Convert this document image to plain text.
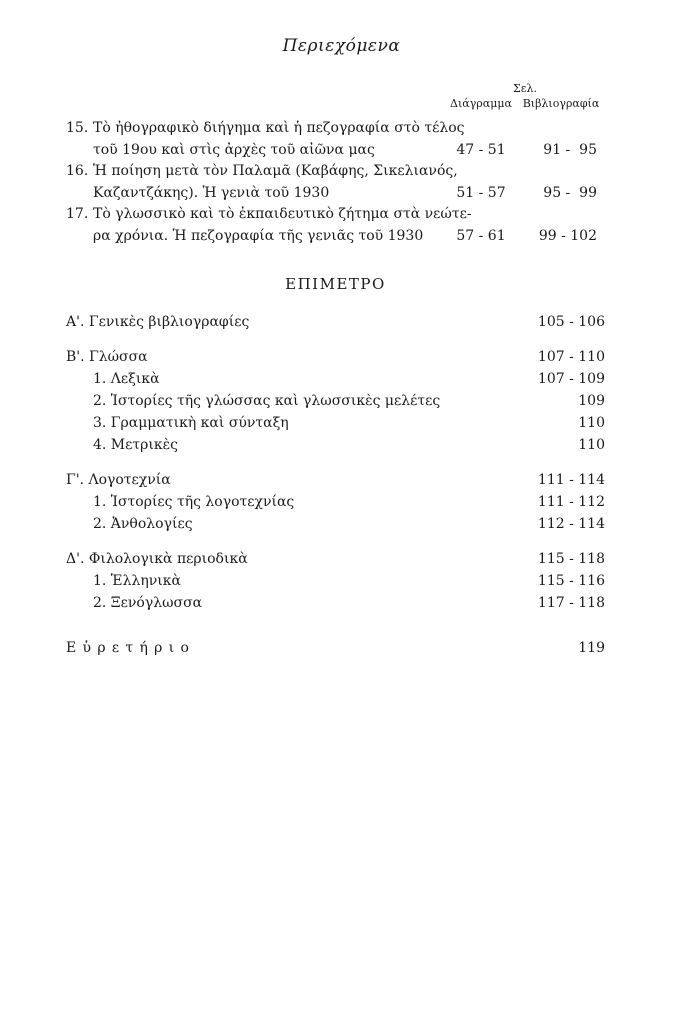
Περιεχόμενα
Σελ.
Διάγραμμα Βιβλιογραφία
15. Τὸ ἠθογραφικὸ διήγημα καὶ ἡ πεζογραφία στὸ τέλος
τοῦ 19ου καὶ στὶς ἀρχὲς τοῦ αἰῶνα μας	47 - 51	91 -  95
16. Ἡ ποίηση μετὰ τὸν Παλαμᾶ (Καβάφης, Σικελιανός,
Καζαντζάκης). Ἡ γενιὰ τοῦ 1930	51 - 57	95 -  99
17. Τὸ γλωσσικὸ καὶ τὸ ἐκπαιδευτικὸ ζήτημα στὰ νεώτε-
ρα χρόνια. Ἡ πεζογραφία τῆς γενιᾶς τοῦ 1930	57 - 61	99 - 102
ΕΠΙΜΕΤΡΟ
Α'. Γενικὲς βιβλιογραφίες	105 - 106
Β'. Γλώσσα	107 - 110
1. Λεξικὰ	107 - 109
2. Ἱστορίες τῆς γλώσσας καὶ γλωσσικὲς μελέτες	109
3. Γραμματικὴ καὶ σύνταξη	110
4. Μετρικὲς	110
Γ'. Λογοτεχνία	111 - 114
1. Ἱστορίες τῆς λογοτεχνίας	111 - 112
2. Ἀνθολογίες	112 - 114
Δ'. Φιλολογικὰ περιοδικὰ	115 - 118
1. Ἑλληνικὰ	115 - 116
2. Ξενόγλωσσα	117 - 118
Εὑρετήριο	119
